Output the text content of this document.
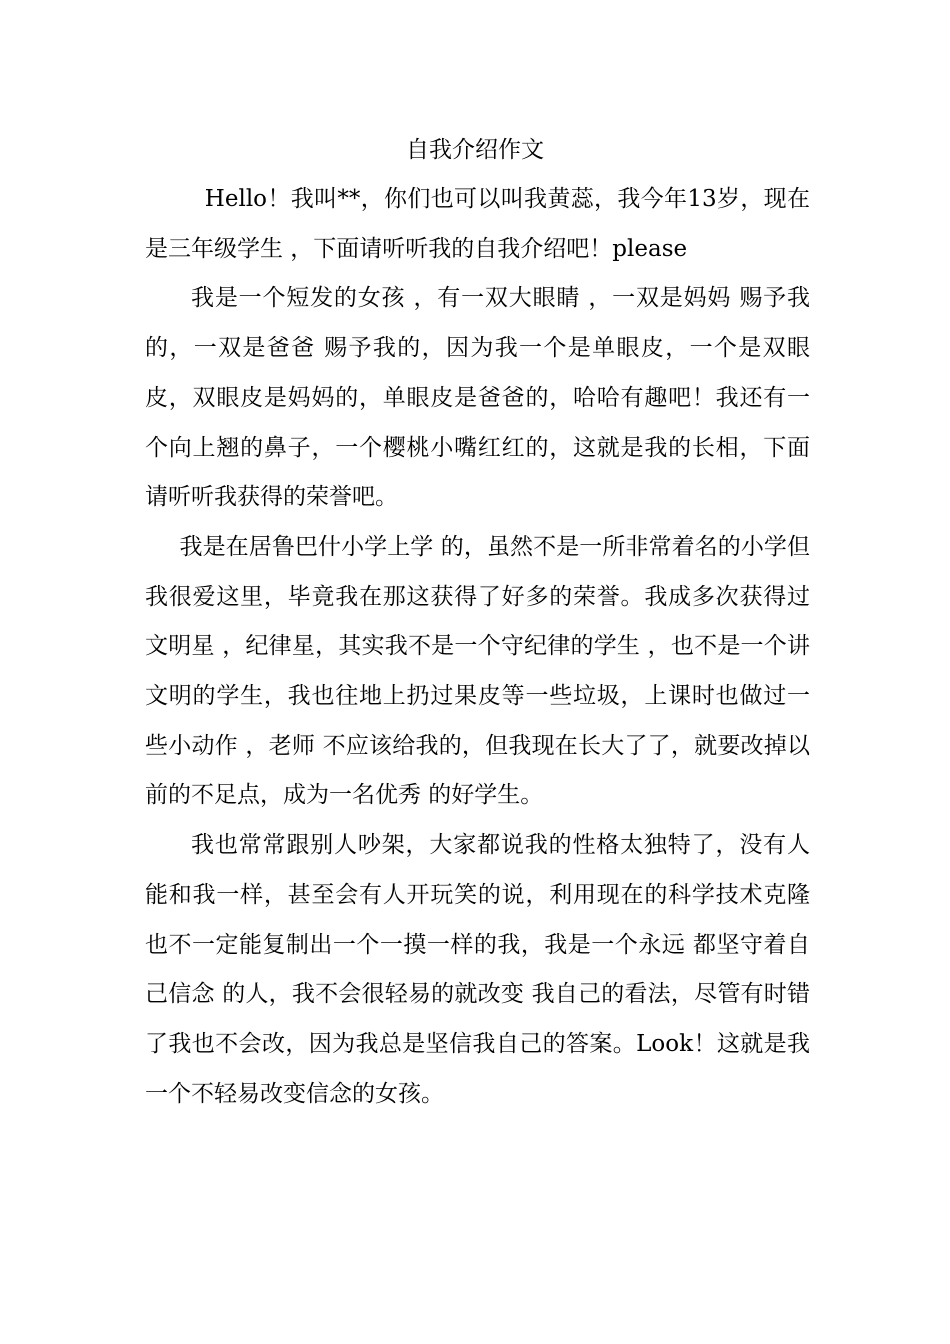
自我介绍作文

Hello！我叫**，你们也可以叫我黄蕊，我今年13岁，现在是三年级学生 ，下面请听听我的自我介绍吧！please

我是一个短发的女孩 ，有一双大眼睛 ，一双是妈妈 赐予我的，一双是爸爸 赐予我的，因为我一个是单眼皮，一个是双眼皮，双眼皮是妈妈的，单眼皮是爸爸的，哈哈有趣吧！我还有一个向上翘的鼻子，一个樱桃小嘴红红的，这就是我的长相，下面请听听我获得的荣誉吧。

我是在居鲁巴什小学上学 的，虽然不是一所非常着名的小学但我很爱这里，毕竟我在那这获得了好多的荣誉。我成多次获得过文明星 ，纪律星，其实我不是一个守纪律的学生 ，也不是一个讲文明的学生，我也往地上扔过果皮等一些垃圾，上课时也做过一些小动作 ，老师 不应该给我的，但我现在长大了了，就要改掉以前的不足点，成为一名优秀 的好学生。

我也常常跟别人吵架，大家都说我的性格太独特了，没有人能和我一样，甚至会有人开玩笑的说，利用现在的科学技术克隆也不一定能复制出一个一摸一样的我，我是一个永远 都坚守着自己信念 的人，我不会很轻易的就改变 我自己的看法，尽管有时错了我也不会改，因为我总是坚信我自己的答案。Look！这就是我一个不轻易改变信念的女孩。
